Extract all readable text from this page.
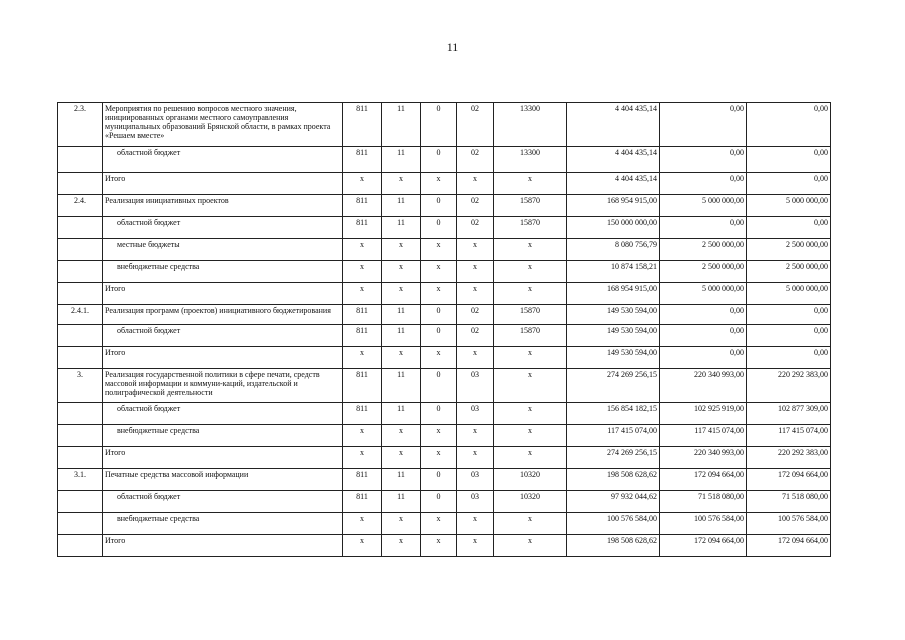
11
2.3.	Мероприятия по решению вопросов местного значения, инициированных органами местного самоуправления муниципальных образований Брянской области, в рамках проекта «Решаем вместе»	811	11	0	02	13300	4 404 435,14	0,00	0,00
	областной бюджет	811	11	0	02	13300	4 404 435,14	0,00	0,00
	Итого	x	x	x	x	x	4 404 435,14	0,00	0,00
2.4.	Реализация инициативных проектов	811	11	0	02	15870	168 954 915,00	5 000 000,00	5 000 000,00
	областной бюджет	811	11	0	02	15870	150 000 000,00	0,00	0,00
	местные бюджеты	x	x	x	x	x	8 080 756,79	2 500 000,00	2 500 000,00
	внебюджетные средства	x	x	x	x	x	10 874 158,21	2 500 000,00	2 500 000,00
	Итого	x	x	x	x	x	168 954 915,00	5 000 000,00	5 000 000,00
2.4.1.	Реализация программ (проектов) инициативного бюджетирования	811	11	0	02	15870	149 530 594,00	0,00	0,00
	областной бюджет	811	11	0	02	15870	149 530 594,00	0,00	0,00
	Итого	x	x	x	x	x	149 530 594,00	0,00	0,00
3.	Реализация государственной политики в сфере печати, средств массовой информации и коммуни-каций, издательской и полиграфической деятельности	811	11	0	03	x	274 269 256,15	220 340 993,00	220 292 383,00
	областной бюджет	811	11	0	03	x	156 854 182,15	102 925 919,00	102 877 309,00
	внебюджетные средства	x	x	x	x	x	117 415 074,00	117 415 074,00	117 415 074,00
	Итого	x	x	x	x	x	274 269 256,15	220 340 993,00	220 292 383,00
3.1.	Печатные средства массовой информации	811	11	0	03	10320	198 508 628,62	172 094 664,00	172 094 664,00
	областной бюджет	811	11	0	03	10320	97 932 044,62	71 518 080,00	71 518 080,00
	внебюджетные средства	x	x	x	x	x	100 576 584,00	100 576 584,00	100 576 584,00
	Итого	x	x	x	x	x	198 508 628,62	172 094 664,00	172 094 664,00
